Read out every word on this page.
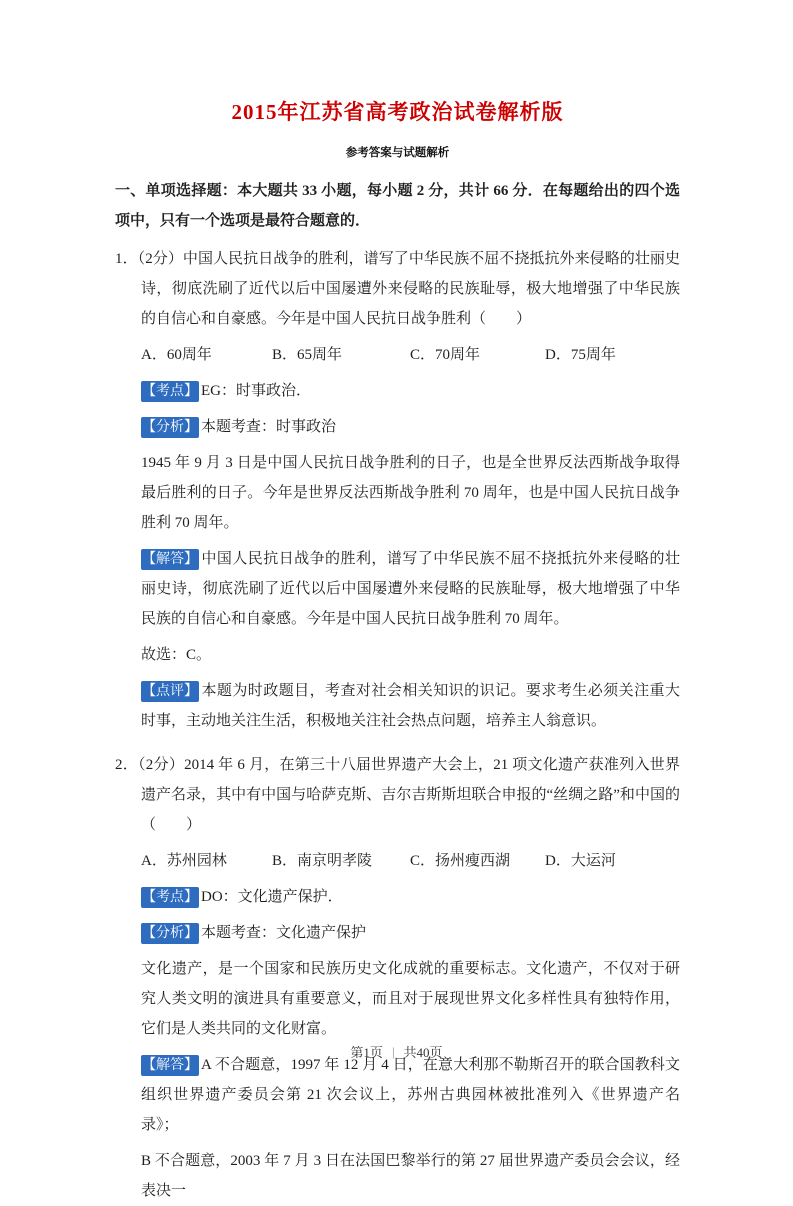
2015年江苏省高考政治试卷解析版
参考答案与试题解析
一、单项选择题：本大题共 33 小题，每小题 2 分，共计 66 分．在每题给出的四个选项中，只有一个选项是最符合题意的．

1．（2分）中国人民抗日战争的胜利，谱写了中华民族不屈不挠抵抗外来侵略的壮丽史诗，彻底洗刷了近代以后中国屡遭外来侵略的民族耻辱，极大地增强了中华民族的自信心和自豪感。今年是中国人民抗日战争胜利（　　）

A．60周年	B．65周年	C．70周年	D．75周年

【考点】 EG：时事政治．

【分析】 本题考查：时事政治

1945 年 9 月 3 日是中国人民抗日战争胜利的日子，也是全世界反法西斯战争取得最后胜利的日子。今年是世界反法西斯战争胜利 70 周年，也是中国人民抗日战争胜利 70 周年。

【解答】 中国人民抗日战争的胜利，谱写了中华民族不屈不挠抵抗外来侵略的壮丽史诗，彻底洗刷了近代以后中国屡遭外来侵略的民族耻辱，极大地增强了中华民族的自信心和自豪感。今年是中国人民抗日战争胜利 70 周年。

故选：C。

【点评】 本题为时政题目，考查对社会相关知识的识记。要求考生必须关注重大时事，主动地关注生活，积极地关注社会热点问题，培养主人翁意识。

2．（2分）2014 年 6 月，在第三十八届世界遗产大会上，21 项文化遗产获准列入世界遗产名录，其中有中国与哈萨克斯、吉尔吉斯斯坦联合申报的“丝绸之路”和中国的（　　）

A．苏州园林	B．南京明孝陵	C．扬州瘦西湖	D．大运河

【考点】 DO：文化遗产保护．

【分析】 本题考查：文化遗产保护

文化遗产，是一个国家和民族历史文化成就的重要标志。文化遗产，不仅对于研究人类文明的演进具有重要意义，而且对于展现世界文化多样性具有独特作用，它们是人类共同的文化财富。

【解答】 A 不合题意，1997 年 12 月 4 日，在意大利那不勒斯召开的联合国教科文组织世界遗产委员会第 21 次会议上，苏州古典园林被批准列入《世界遗产名录》；

B 不合题意，2003 年 7 月 3 日在法国巴黎举行的第 27 届世界遗产委员会会议，经表决一

第1页 | 共40页
